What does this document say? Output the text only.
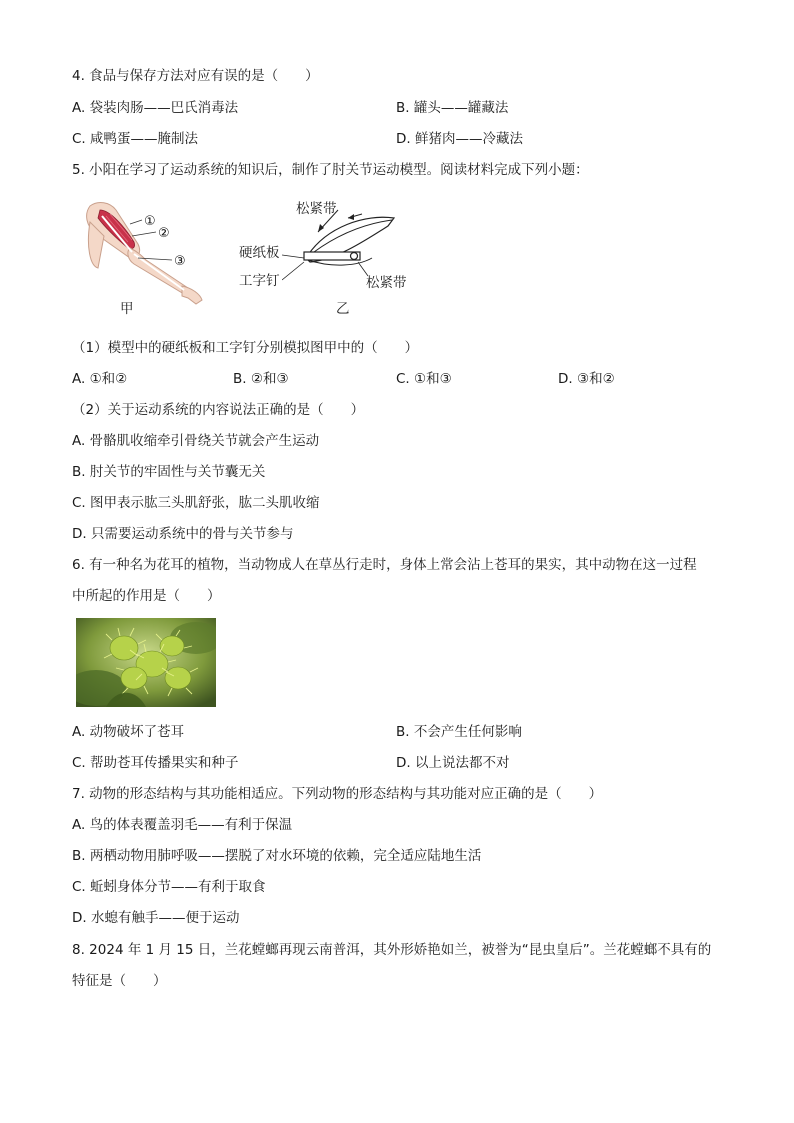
4. 食品与保存方法对应有误的是（　　）
A. 袋装肉肠——巴氏消毒法	B. 罐头——罐藏法
C. 咸鸭蛋——腌制法	D. 鲜猪肉——冷藏法
5. 小阳在学习了运动系统的知识后，制作了肘关节运动模型。阅读材料完成下列小题：
①
②
③
甲
松紧带
硬纸板
工字钉	松紧带
乙
（1）模型中的硬纸板和工字钉分别模拟图甲中的（　　）
A. ①和②	B. ②和③	C. ①和③	D. ③和②
（2）关于运动系统的内容说法正确的是（　　）
A. 骨骼肌收缩牵引骨绕关节就会产生运动
B. 肘关节的牢固性与关节囊无关
C. 图甲表示肱三头肌舒张，肱二头肌收缩
D. 只需要运动系统中的骨与关节参与
6. 有一种名为花耳的植物，当动物成人在草丛行走时，身体上常会沾上苍耳的果实，其中动物在这一过程
中所起的作用是（　　）
A. 动物破坏了苍耳	B. 不会产生任何影响
C. 帮助苍耳传播果实和种子	D. 以上说法都不对
7. 动物的形态结构与其功能相适应。下列动物的形态结构与其功能对应正确的是（　　）
A. 鸟的体表覆盖羽毛——有利于保温
B. 两栖动物用肺呼吸——摆脱了对水环境的依赖，完全适应陆地生活
C. 蚯蚓身体分节——有利于取食
D. 水螅有触手——便于运动
8. 2024 年 1 月 15 日，兰花螳螂再现云南普洱，其外形娇艳如兰，被誉为“昆虫皇后”。兰花螳螂不具有的
特征是（　　）
